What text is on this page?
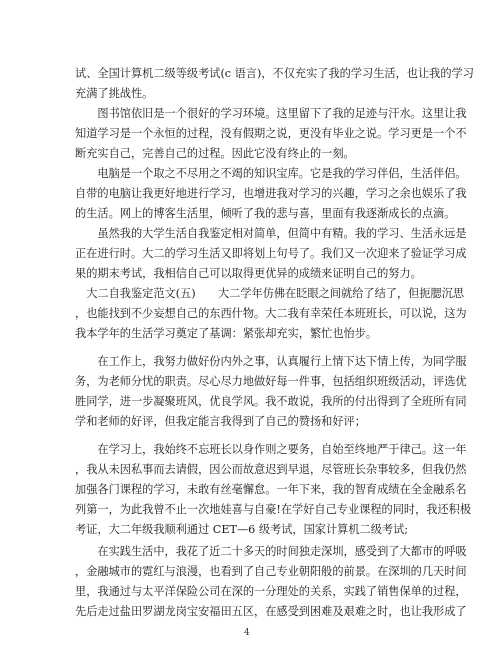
试、全国计算机二级等级考试(c 语言)，不仅充实了我的学习生活，也让我的学习
充满了挑战性。
　　图书馆依旧是一个很好的学习环境。这里留下了我的足迹与汗水。这里让我
知道学习是一个永恒的过程，没有假期之说，更没有毕业之说。学习更是一个不
断充实自己，完善自己的过程。因此它没有终止的一刻。
　　电脑是一个取之不尽用之不竭的知识宝库。它是我的学习伴侣，生活伴侣。
自带的电脑让我更好地进行学习，也增进我对学习的兴趣，学习之余也娱乐了我
的生活。网上的博客生活里，倾听了我的悲与喜，里面有我逐渐成长的点滴。
　　虽然我的大学生活自我鉴定相对简单，但简中有精。我的学习、生活永远是
正在进行时。大二的学习生活又即将划上句号了。我们又一次迎来了验证学习成
果的期末考试，我相信自己可以取得更优异的成绩来证明自己的努力。
　大二自我鉴定范文(五)　　大二学年仿佛在眨眼之间就给了结了，但扼腮沉思
，也能找到不少妄想自己的东西什物。大二我有幸荣任本班班长，可以说，这为
我本学年的生活学习奠定了基调：紧张却充实，繁忙也怡步。
　　在工作上，我努力做好份内外之事，认真履行上情下达下情上传，为同学服
务，为老师分忧的职责。尽心尽力地做好每一件事，包括组织班级活动，评选优
胜同学，进一步凝聚班风，优良学风。我不敢说，我所的付出得到了全班所有同
学和老师的好评，但我定能言我得到了自己的赞扬和好评；
　　在学习上，我始终不忘班长以身作则之要务，自始至终地严于律己。这一年
，我从未因私事而去请假，因公而故意迟到早退，尽管班长杂事较多，但我仍然
加强各门课程的学习，未敢有丝毫懈怠。一年下来，我的智育成绩在全金融系名
列第一，为此我曾不止一次地娃喜与自豪!在学好自己专业课程的同时，我还积极
考证，大二年级我顺利通过 CET—6 级考试，国家计算机二级考试;
　　在实践生活中，我花了近二十多天的时间独走深圳，感受到了大都市的呼吸
，金融城市的霓红与浪漫，也看到了自己专业朝阳般的前景。在深圳的几天时间
里，我通过与太平洋保险公司在深的一分理处的关系，实践了销售保单的过程，
先后走过盐田罗湖龙岗宝安福田五区，在感受到困难及艰难之时，也让我形成了
4
